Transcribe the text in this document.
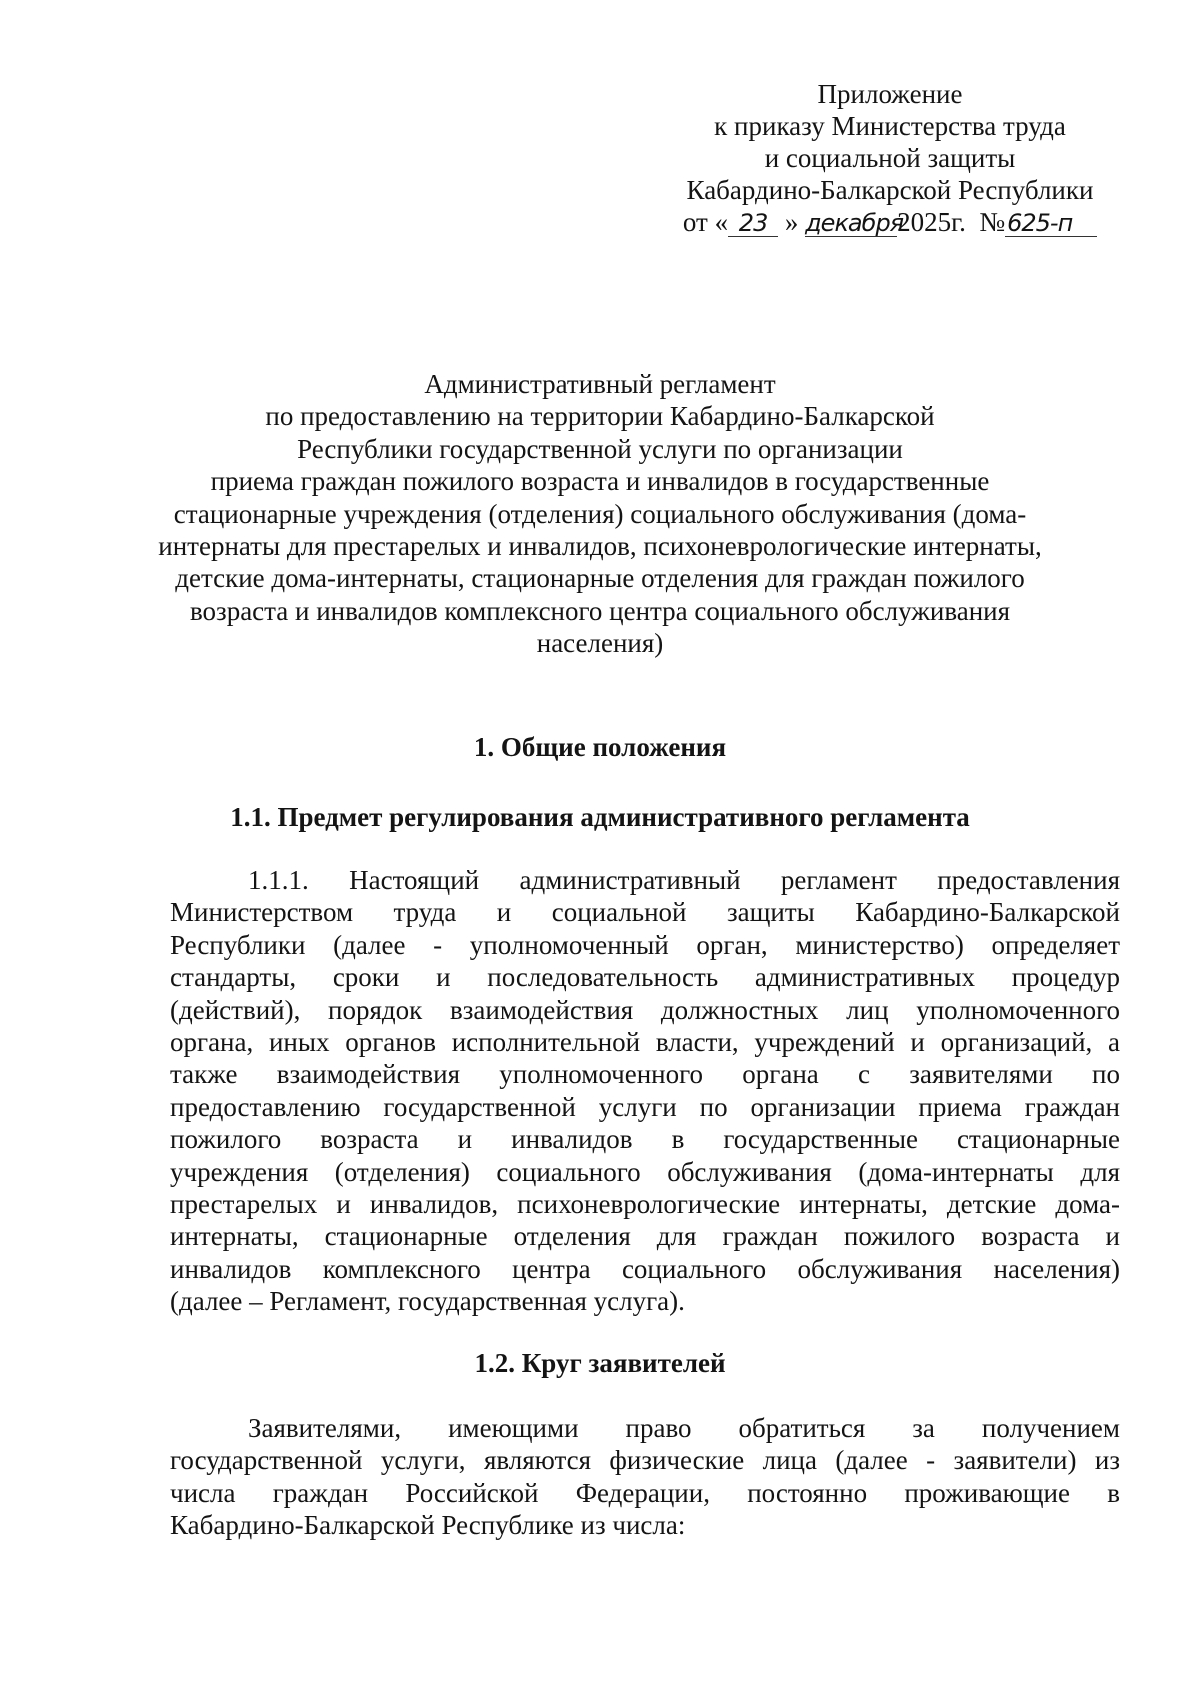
Приложение
к приказу Министерства труда
и социальной защиты
Кабардино-Балкарской Республики
от « 23 » декабря2025г. №625-п
Административный регламент
по предоставлению на территории Кабардино-Балкарской
Республики государственной услуги по организации
приема граждан пожилого возраста и инвалидов в государственные
стационарные учреждения (отделения) социального обслуживания (дома-
интернаты для престарелых и инвалидов, психоневрологические интернаты,
детские дома-интернаты, стационарные отделения для граждан пожилого
возраста и инвалидов комплексного центра социального обслуживания
населения)
1. Общие положения
1.1. Предмет регулирования административного регламента
1.1.1. Настоящий административный регламент предоставления
Министерством труда и социальной защиты Кабардино-Балкарской
Республики (далее - уполномоченный орган, министерство) определяет
стандарты, сроки и последовательность административных процедур
(действий), порядок взаимодействия должностных лиц уполномоченного
органа, иных органов исполнительной власти, учреждений и организаций, а
также взаимодействия уполномоченного органа с заявителями по
предоставлению государственной услуги по организации приема граждан
пожилого возраста и инвалидов в государственные стационарные
учреждения (отделения) социального обслуживания (дома-интернаты для
престарелых и инвалидов, психоневрологические интернаты, детские дома-
интернаты, стационарные отделения для граждан пожилого возраста и
инвалидов комплексного центра социального обслуживания населения)
(далее – Регламент, государственная услуга).
1.2. Круг заявителей
Заявителями, имеющими право обратиться за получением
государственной услуги, являются физические лица (далее - заявители) из
числа граждан Российской Федерации, постоянно проживающие в
Кабардино-Балкарской Республике из числа:
